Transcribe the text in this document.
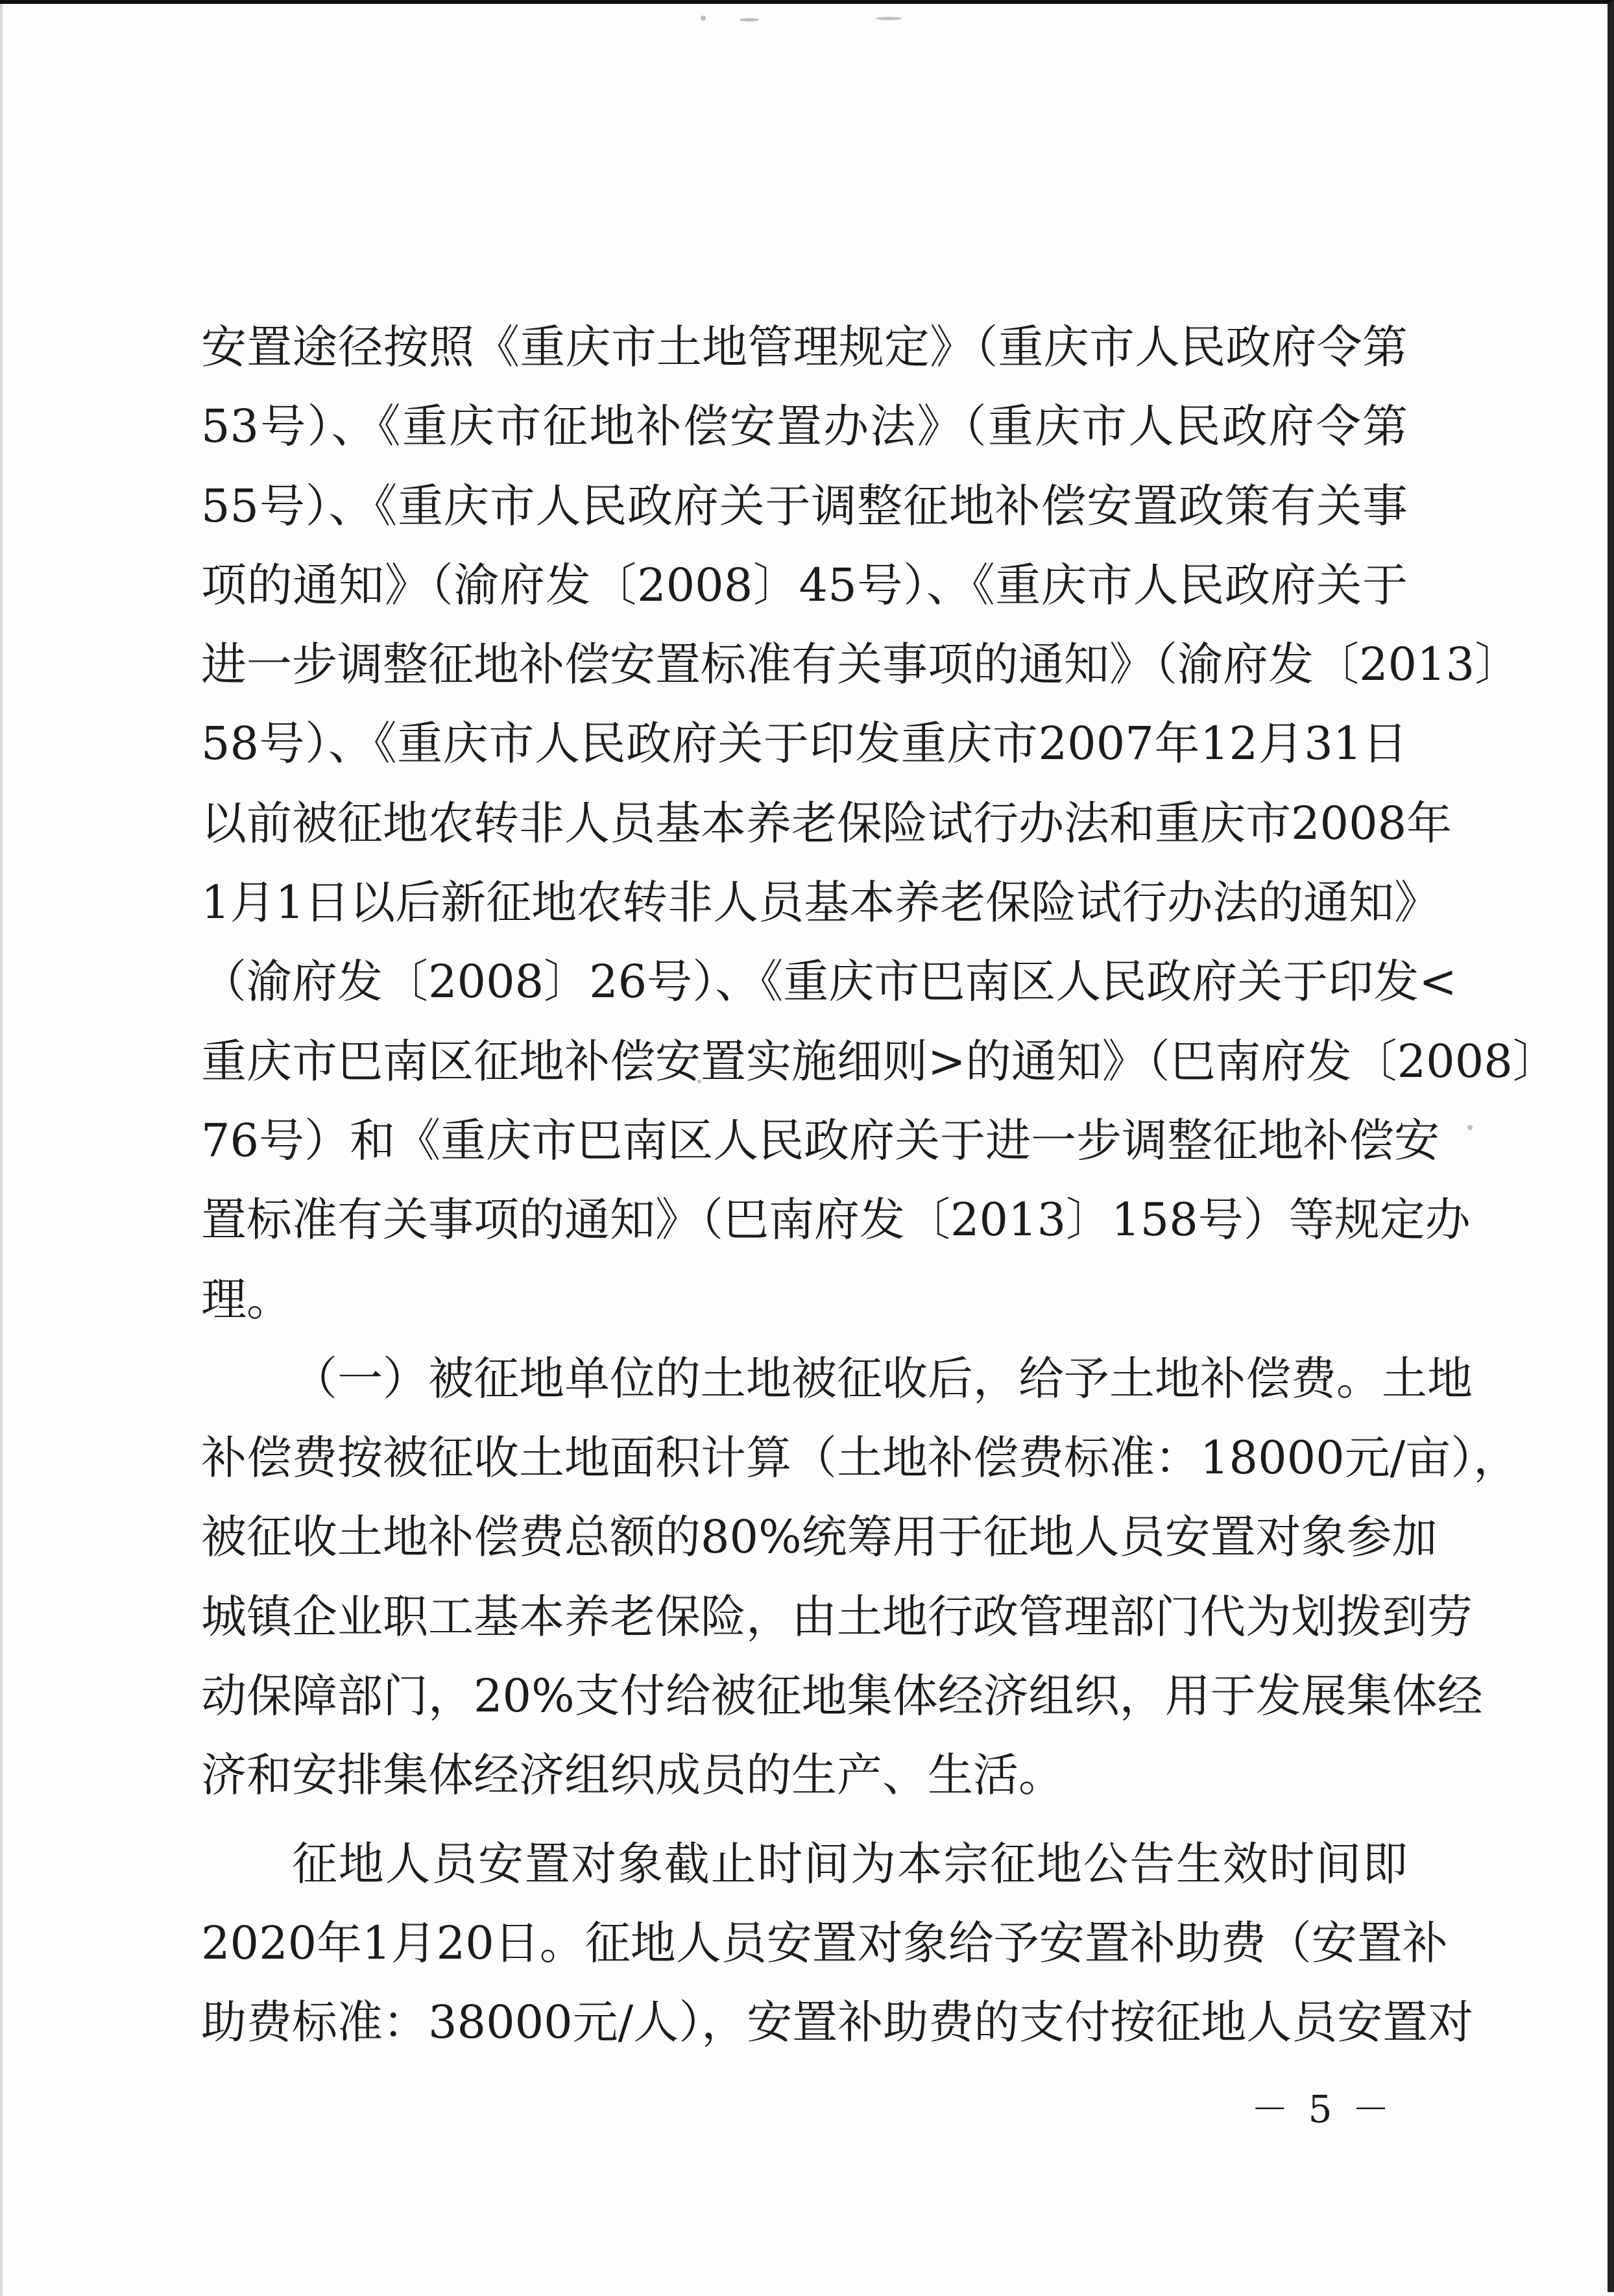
安置途径按照《重庆市土地管理规定》（重庆市人民政府令第
53号）、《重庆市征地补偿安置办法》（重庆市人民政府令第
55号）、《重庆市人民政府关于调整征地补偿安置政策有关事
项的通知》（渝府发〔2008〕45号）、《重庆市人民政府关于
进一步调整征地补偿安置标准有关事项的通知》（渝府发〔2013〕
58号）、《重庆市人民政府关于印发重庆市2007年12月31日
以前被征地农转非人员基本养老保险试行办法和重庆市2008年
1月1日以后新征地农转非人员基本养老保险试行办法的通知》
（渝府发〔2008〕26号）、《重庆市巴南区人民政府关于印发<
重庆市巴南区征地补偿安置实施细则>的通知》（巴南府发〔2008〕
76号）和《重庆市巴南区人民政府关于进一步调整征地补偿安
置标准有关事项的通知》（巴南府发〔2013〕158号）等规定办
理。
（一）被征地单位的土地被征收后，给予土地补偿费。土地
补偿费按被征收土地面积计算（土地补偿费标准：18000元/亩），
被征收土地补偿费总额的80%统筹用于征地人员安置对象参加
城镇企业职工基本养老保险，由土地行政管理部门代为划拨到劳
动保障部门，20%支付给被征地集体经济组织，用于发展集体经
济和安排集体经济组织成员的生产、生活。
征地人员安置对象截止时间为本宗征地公告生效时间即
2020年1月20日。征地人员安置对象给予安置补助费（安置补
助费标准：38000元/人），安置补助费的支付按征地人员安置对
－ 5 －
